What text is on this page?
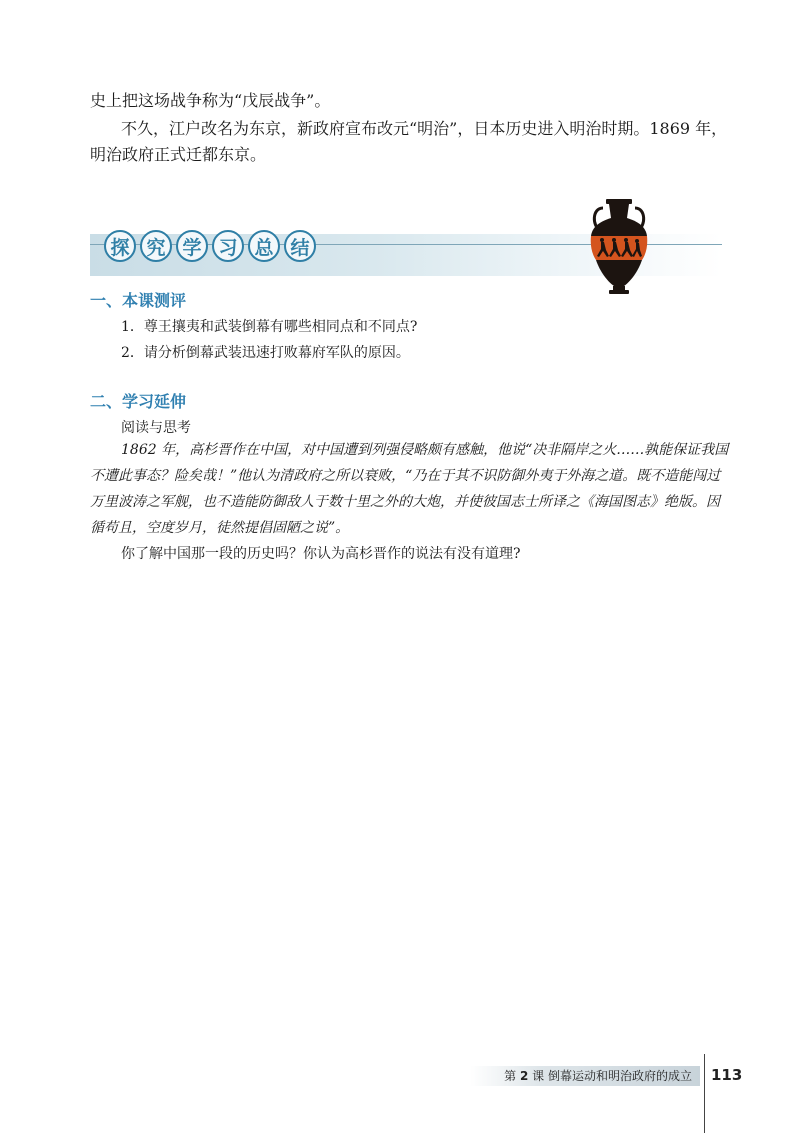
史上把这场战争称为“戊辰战争”。
不久，江户改名为东京，新政府宣布改元“明治”，日本历史进入明治时期。1869 年，
明治政府正式迁都东京。
探 究 学 习 总 结
一、本课测评
1．尊王攘夷和武装倒幕有哪些相同点和不同点?
2．请分析倒幕武装迅速打败幕府军队的原因。
二、学习延伸
阅读与思考
1862 年，高杉晋作在中国，对中国遭到列强侵略颇有感触，他说“决非隔岸之火……孰能保证我国
不遭此事态？险矣哉！”他认为清政府之所以衰败，“乃在于其不识防御外夷于外海之道。既不造能闯过
万里波涛之军舰，也不造能防御敌人于数十里之外的大炮，并使彼国志士所译之《海国图志》绝版。因
循苟且，空度岁月，徒然提倡固陋之说”。
你了解中国那一段的历史吗？你认为高杉晋作的说法有没有道理?
第 2 课 倒幕运动和明治政府的成立 113
